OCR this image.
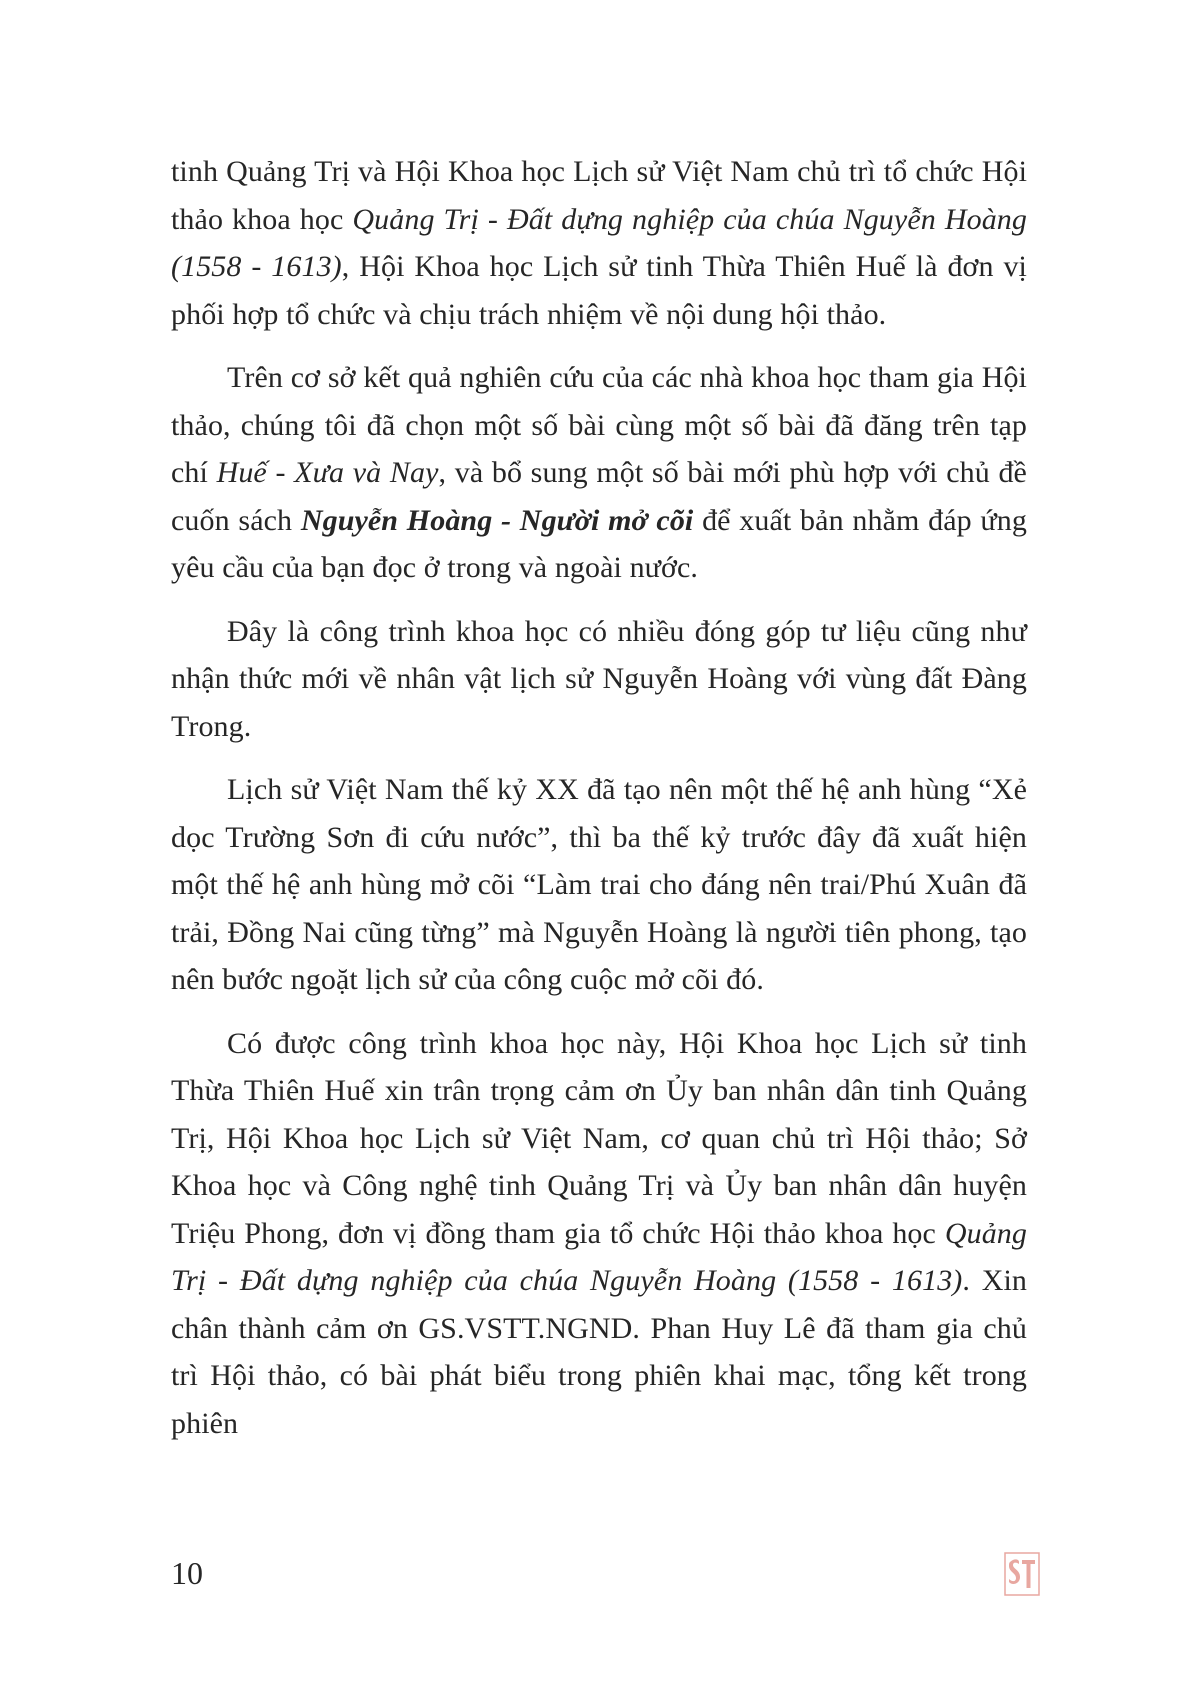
tinh Quảng Trị và Hội Khoa học Lịch sử Việt Nam chủ trì tổ chức Hội thảo khoa học Quảng Trị - Đất dựng nghiệp của chúa Nguyễn Hoàng (1558 - 1613), Hội Khoa học Lịch sử tinh Thừa Thiên Huế là đơn vị phối hợp tổ chức và chịu trách nhiệm về nội dung hội thảo.

Trên cơ sở kết quả nghiên cứu của các nhà khoa học tham gia Hội thảo, chúng tôi đã chọn một số bài cùng một số bài đã đăng trên tạp chí Huế - Xưa và Nay, và bổ sung một số bài mới phù hợp với chủ đề cuốn sách Nguyễn Hoàng - Người mở cõi để xuất bản nhằm đáp ứng yêu cầu của bạn đọc ở trong và ngoài nước.

Đây là công trình khoa học có nhiều đóng góp tư liệu cũng như nhận thức mới về nhân vật lịch sử Nguyễn Hoàng với vùng đất Đàng Trong.

Lịch sử Việt Nam thế kỷ XX đã tạo nên một thế hệ anh hùng “Xẻ dọc Trường Sơn đi cứu nước”, thì ba thế kỷ trước đây đã xuất hiện một thế hệ anh hùng mở cõi “Làm trai cho đáng nên trai/Phú Xuân đã trải, Đồng Nai cũng từng” mà Nguyễn Hoàng là người tiên phong, tạo nên bước ngoặt lịch sử của công cuộc mở cõi đó.

Có được công trình khoa học này, Hội Khoa học Lịch sử tinh Thừa Thiên Huế xin trân trọng cảm ơn Ủy ban nhân dân tinh Quảng Trị, Hội Khoa học Lịch sử Việt Nam, cơ quan chủ trì Hội thảo; Sở Khoa học và Công nghệ tinh Quảng Trị và Ủy ban nhân dân huyện Triệu Phong, đơn vị đồng tham gia tổ chức Hội thảo khoa học Quảng Trị - Đất dựng nghiệp của chúa Nguyễn Hoàng (1558 - 1613). Xin chân thành cảm ơn GS.VSTT.NGND. Phan Huy Lê đã tham gia chủ trì Hội thảo, có bài phát biểu trong phiên khai mạc, tổng kết trong phiên

10
